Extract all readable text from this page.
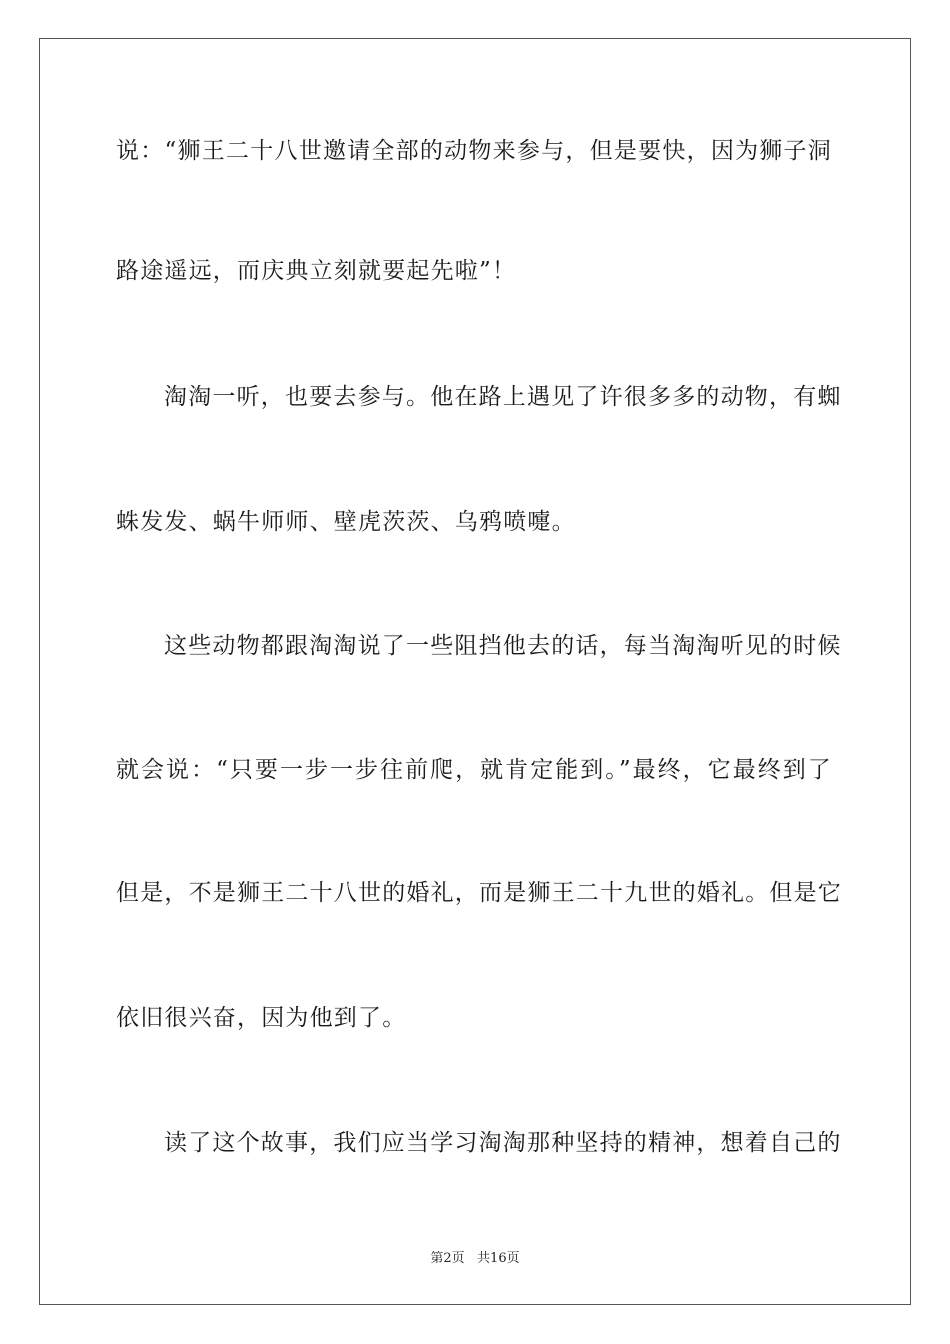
说：“狮王二十八世邀请全部的动物来参与，但是要快，因为狮子洞
路途遥远，而庆典立刻就要起先啦”！
淘淘一听，也要去参与。他在路上遇见了许很多多的动物，有蜘
蛛发发、蜗牛师师、壁虎茨茨、乌鸦喷嚏。
这些动物都跟淘淘说了一些阻挡他去的话，每当淘淘听见的时候
就会说：“只要一步一步往前爬，就肯定能到。”最终，它最终到了
但是，不是狮王二十八世的婚礼，而是狮王二十九世的婚礼。但是它
依旧很兴奋，因为他到了。
读了这个故事，我们应当学习淘淘那种坚持的精神，想着自己的
第2页   共16页
